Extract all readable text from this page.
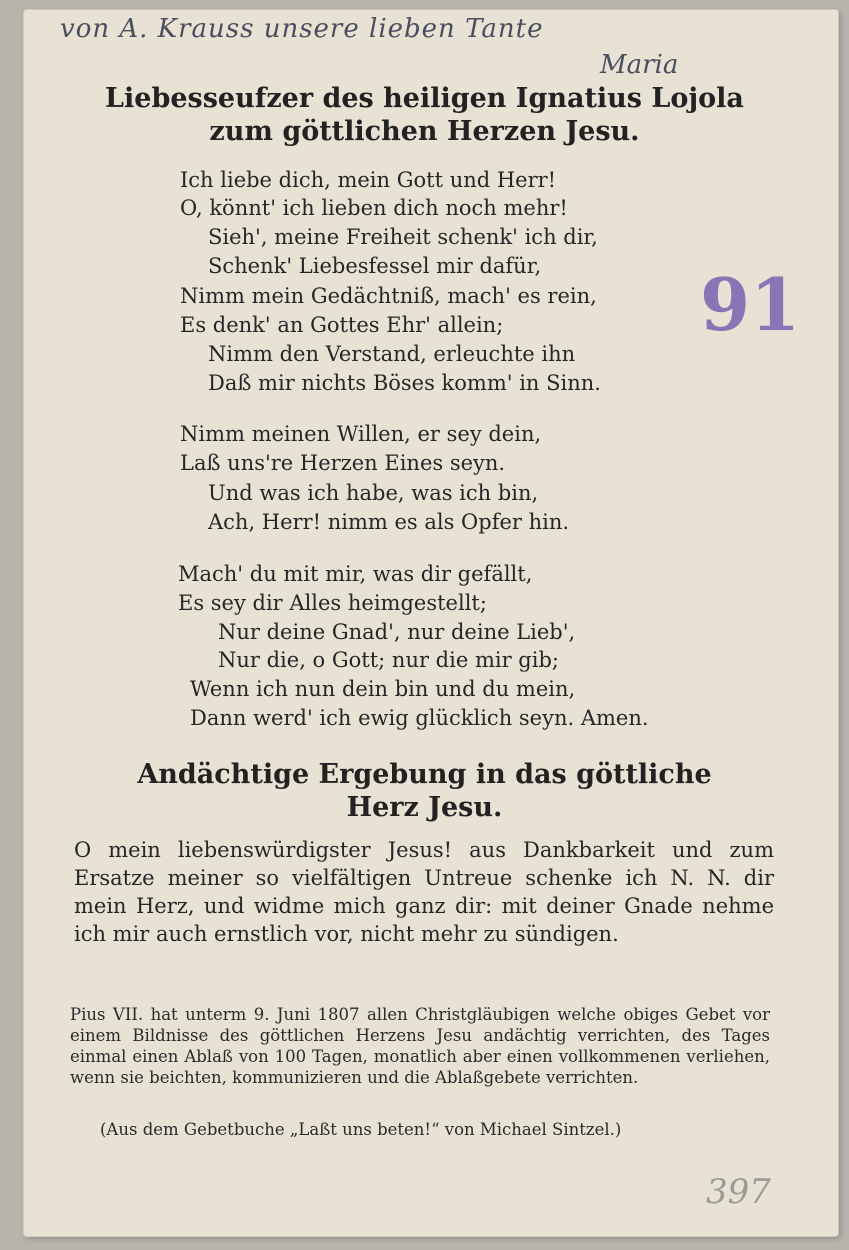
von A. Krauss unsere lieben Tante
Maria
91
397
Liebesseufzer des heiligen Ignatius Lojola
zum göttlichen Herzen Jesu.
Ich liebe dich, mein Gott und Herr!
O, könnt' ich lieben dich noch mehr!
Sieh', meine Freiheit schenk' ich dir,
Schenk' Liebesfessel mir dafür,
Nimm mein Gedächtniß, mach' es rein,
Es denk' an Gottes Ehr' allein;
Nimm den Verstand, erleuchte ihn
Daß mir nichts Böses komm' in Sinn.
Nimm meinen Willen, er sey dein,
Laß uns're Herzen Eines seyn.
Und was ich habe, was ich bin,
Ach, Herr! nimm es als Opfer hin.
Mach' du mit mir, was dir gefällt,
Es sey dir Alles heimgestellt;
Nur deine Gnad', nur deine Lieb',
Nur die, o Gott; nur die mir gib;
Wenn ich nun dein bin und du mein,
Dann werd' ich ewig glücklich seyn. Amen.
Andächtige Ergebung in das göttliche
Herz Jesu.
O mein liebenswürdigster Jesus! aus Dankbarkeit und zum Ersatze meiner so vielfältigen Untreue schenke ich N. N. dir mein Herz, und widme mich ganz dir: mit deiner Gnade nehme ich mir auch ernstlich vor, nicht mehr zu sündigen.
Pius VII. hat unterm 9. Juni 1807 allen Christgläubigen welche obiges Gebet vor einem Bildnisse des göttlichen Herzens Jesu andächtig verrichten, des Tages einmal einen Ablaß von 100 Tagen, monatlich aber einen vollkommenen verliehen, wenn sie beichten, kommunizieren und die Ablaßgebete verrichten.
(Aus dem Gebetbuche „Laßt uns beten!“ von Michael Sintzel.)
